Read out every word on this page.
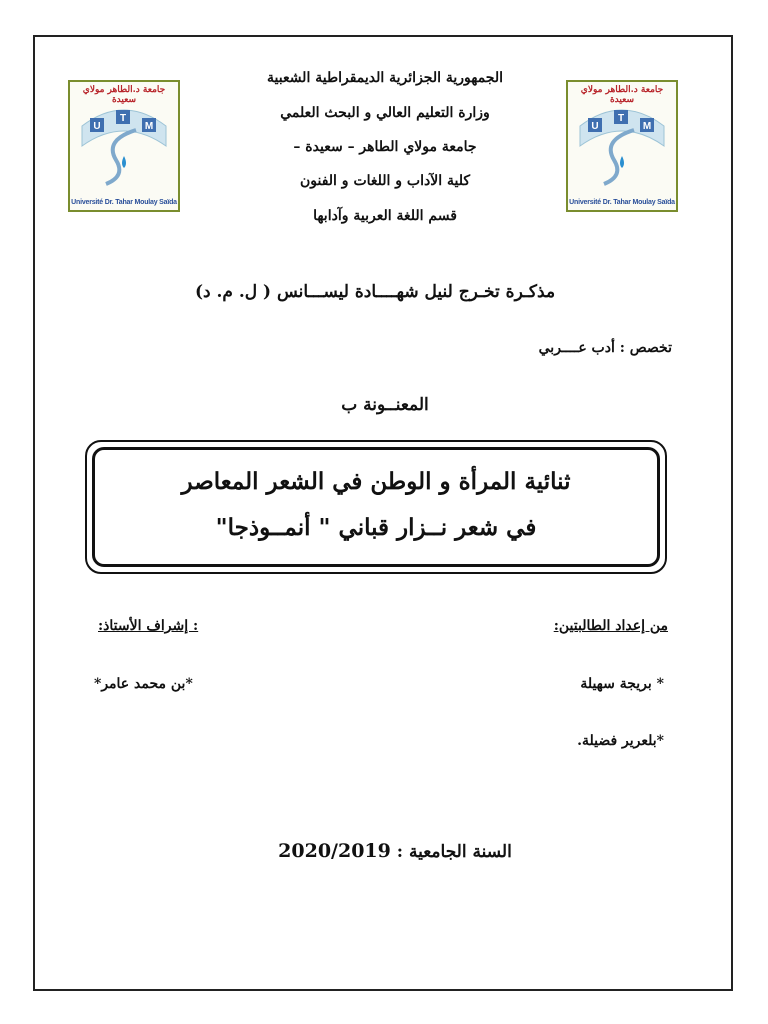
جامعة د.الطاهر مولاي سعيدة
U
T
M
Université Dr. Tahar Moulay Saïda
جامعة د.الطاهر مولاي سعيدة
U
T
M
Université Dr. Tahar Moulay Saïda
الجمهورية الجزائرية الديمقراطية الشعبية
وزارة التعليم العالي و البحث العلمي
جامعة مولاي الطاهر – سعيدة –
كلية الآداب و اللغات و الفنون
قسم اللغة العربية وآدابها
مذكـرة تخـرج لنيل شهــــادة ليســـانس ( ل. م. د)
تخصص : أدب عــــربي
المعنــونة ب
ثنائية المرأة و الوطن في الشعر المعاصر
في شعر نــزار قباني " أنمــوذجا"
من إعداد الطالبتين:
* بريجة سهيلة
*بلعرير فضيلة.
: إشراف الأستاذ:
*بن محمد عامر*
السنة الجامعية : 2020/2019
